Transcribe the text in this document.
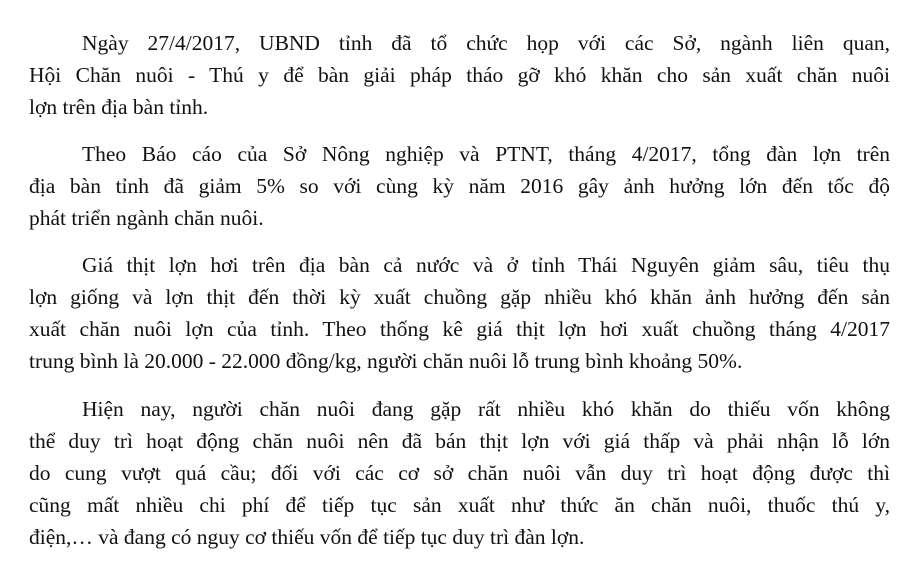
Ngày 27/4/2017, UBND tỉnh đã tổ chức họp với các Sở, ngành liên quan,
Hội Chăn nuôi - Thú y để bàn giải pháp tháo gỡ khó khăn cho sản xuất chăn nuôi
lợn trên địa bàn tỉnh.
Theo Báo cáo của Sở Nông nghiệp và PTNT, tháng 4/2017, tổng đàn lợn trên
địa bàn tỉnh đã giảm 5% so với cùng kỳ năm 2016 gây ảnh hưởng lớn đến tốc độ
phát triển ngành chăn nuôi.
Giá thịt lợn hơi trên địa bàn cả nước và ở tỉnh Thái Nguyên giảm sâu, tiêu thụ
lợn giống và lợn thịt đến thời kỳ xuất chuồng gặp nhiều khó khăn ảnh hưởng đến sản
xuất chăn nuôi lợn của tỉnh. Theo thống kê giá thịt lợn hơi xuất chuồng tháng 4/2017
trung bình là 20.000 - 22.000 đồng/kg, người chăn nuôi lỗ trung bình khoảng 50%.
Hiện nay, người chăn nuôi đang gặp rất nhiều khó khăn do thiếu vốn không
thể duy trì hoạt động chăn nuôi nên đã bán thịt lợn với giá thấp và phải nhận lỗ lớn
do cung vượt quá cầu; đối với các cơ sở chăn nuôi vẫn duy trì hoạt động được thì
cũng mất nhiều chi phí để tiếp tục sản xuất như thức ăn chăn nuôi, thuốc thú y,
điện,… và đang có nguy cơ thiếu vốn để tiếp tục duy trì đàn lợn.
